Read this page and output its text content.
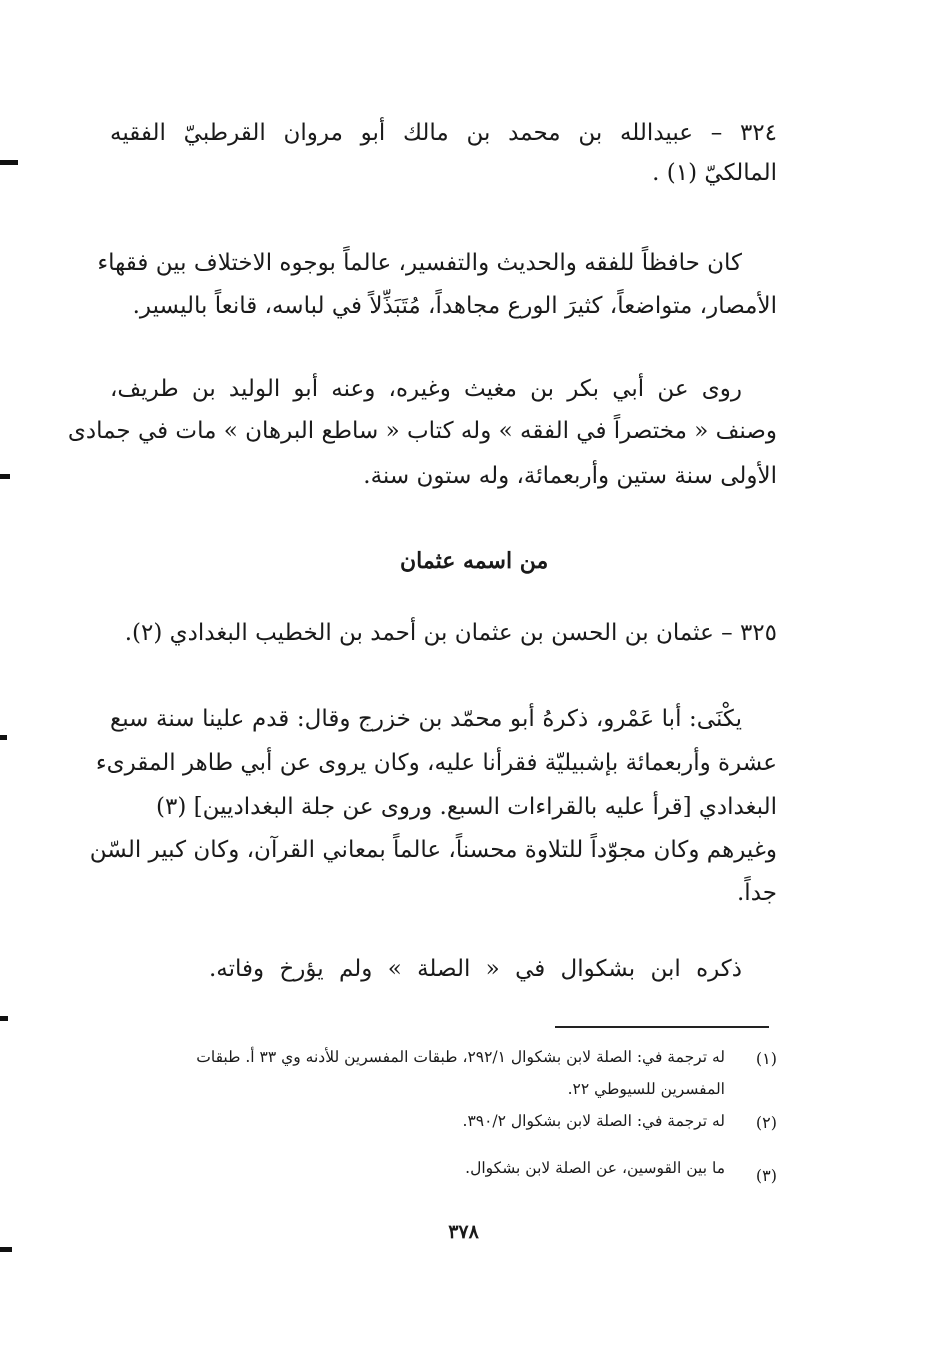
٣٢٤ – عبيدالله بن محمد بن مالك أبو مروان القرطبيّ الفقيه
المالكيّ (١) .
كان حافظاً للفقه والحديث والتفسير، عالماً بوجوه الاختلاف بين فقهاء
الأمصار، متواضعاً، كثيرَ الورع مجاهداً، مُتَبَذِّلاً في لباسه، قانعاً باليسير.
روى عن أبي بكر بن مغيث وغيره، وعنه أبو الوليد بن طريف،
وصنف « مختصراً في الفقه » وله كتاب « ساطع البرهان » مات في جمادى
الأولى سنة ستين وأربعمائة، وله ستون سنة.
من اسمه عثمان
٣٢٥ – عثمان بن الحسن بن عثمان بن أحمد بن الخطيب البغدادي (٢).
يكْنَى: أبا عَمْرو، ذكرهُ أبو محمّد بن خزرج وقال: قدم علينا سنة سبع
عشرة وأربعمائة بإشبيليّة فقرأنا عليه، وكان يروى عن أبي طاهر المقرىء
البغدادي [قرأ عليه بالقراءات السبع. وروى عن جلة البغداديين] (٣)
وغيرهم وكان مجوّداً للتلاوة محسناً، عالماً بمعاني القرآن، وكان كبير السّن
جداً.
ذكره ابن بشكوال في « الصلة » ولم يؤرخ وفاته.
(١)
له ترجمة في: الصلة لابن بشكوال ٢٩٢/١، طبقات المفسرين للأدنه وي ٣٣ أ. طبقات
المفسرين للسيوطي ٢٢.
(٢)
له ترجمة في: الصلة لابن بشكوال ٣٩٠/٢.
(٣)
ما بين القوسين، عن الصلة لابن بشكوال.
٣٧٨
